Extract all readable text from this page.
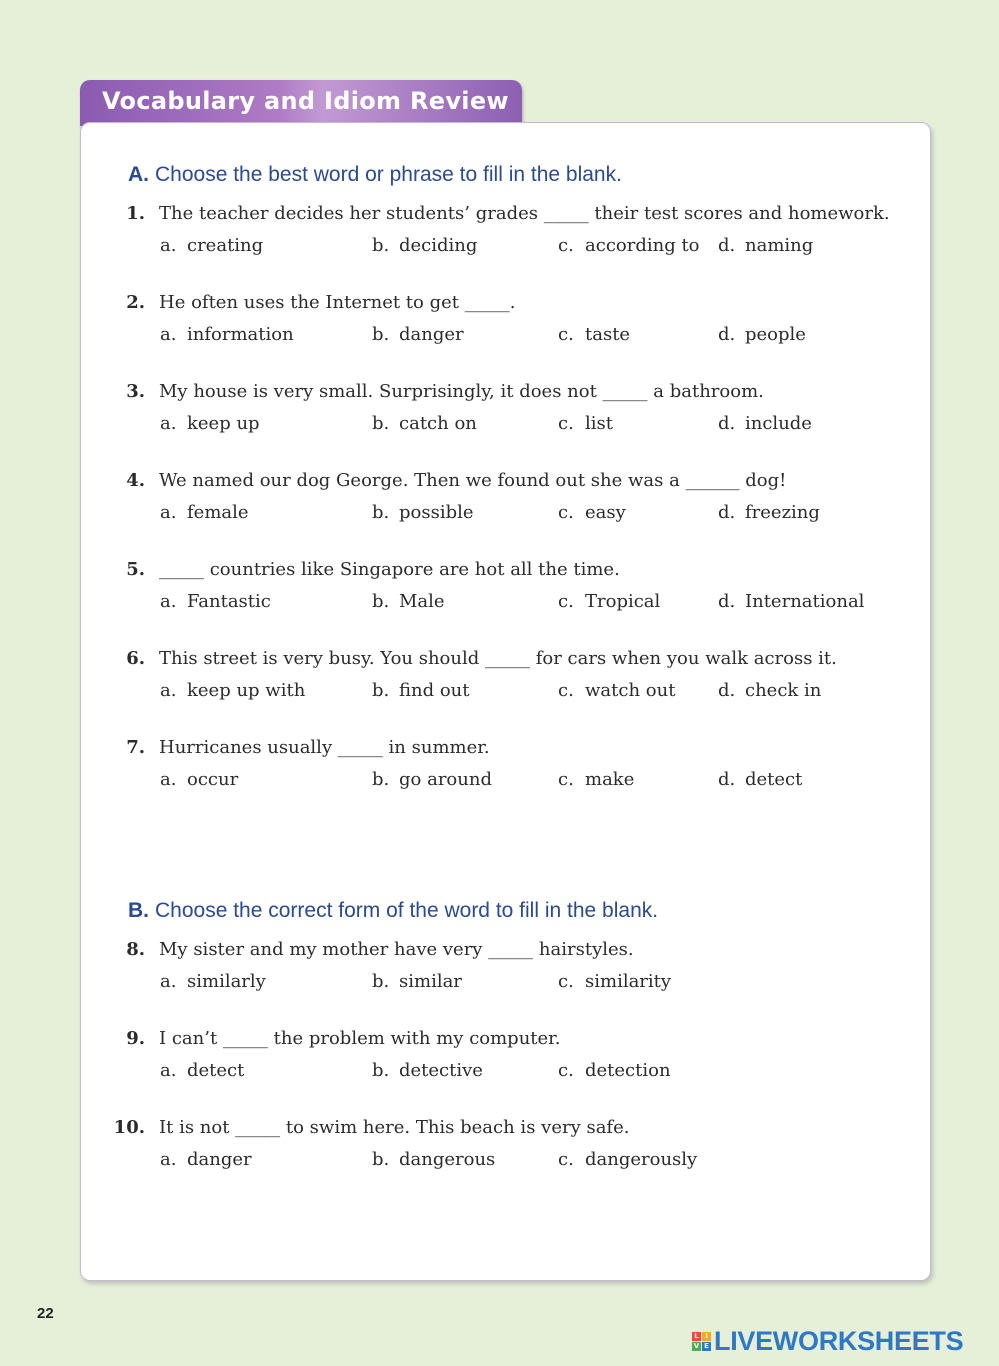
Vocabulary and Idiom Review
A. Choose the best word or phrase to fill in the blank.
1. The teacher decides her students’ grades _____ their test scores and homework.
a. creating	b. deciding	c. according to d. naming
2. He often uses the Internet to get _____.
a. information	b. danger	c. taste	d. people
3. My house is very small. Surprisingly, it does not _____ a bathroom.
a. keep up	b. catch on	c. list	d. include
4. We named our dog George. Then we found out she was a ______ dog!
a. female	b. possible	c. easy	d. freezing
5. _____ countries like Singapore are hot all the time.
a. Fantastic	b. Male	c. Tropical	d. International
6. This street is very busy. You should _____ for cars when you walk across it.
a. keep up with	b. find out	c. watch out d. check in
7. Hurricanes usually _____ in summer.
a. occur	b. go around	c. make	d. detect
B. Choose the correct form of the word to fill in the blank.
8. My sister and my mother have very _____ hairstyles.
a. similarly	b. similar	c. similarity
9. I can’t _____ the problem with my computer.
a. detect	b. detective	c. detection
10. It is not _____ to swim here. This beach is very safe.
a. danger	b. dangerous	c. dangerously
22
L I
V E LIVEWORKSHEETS
